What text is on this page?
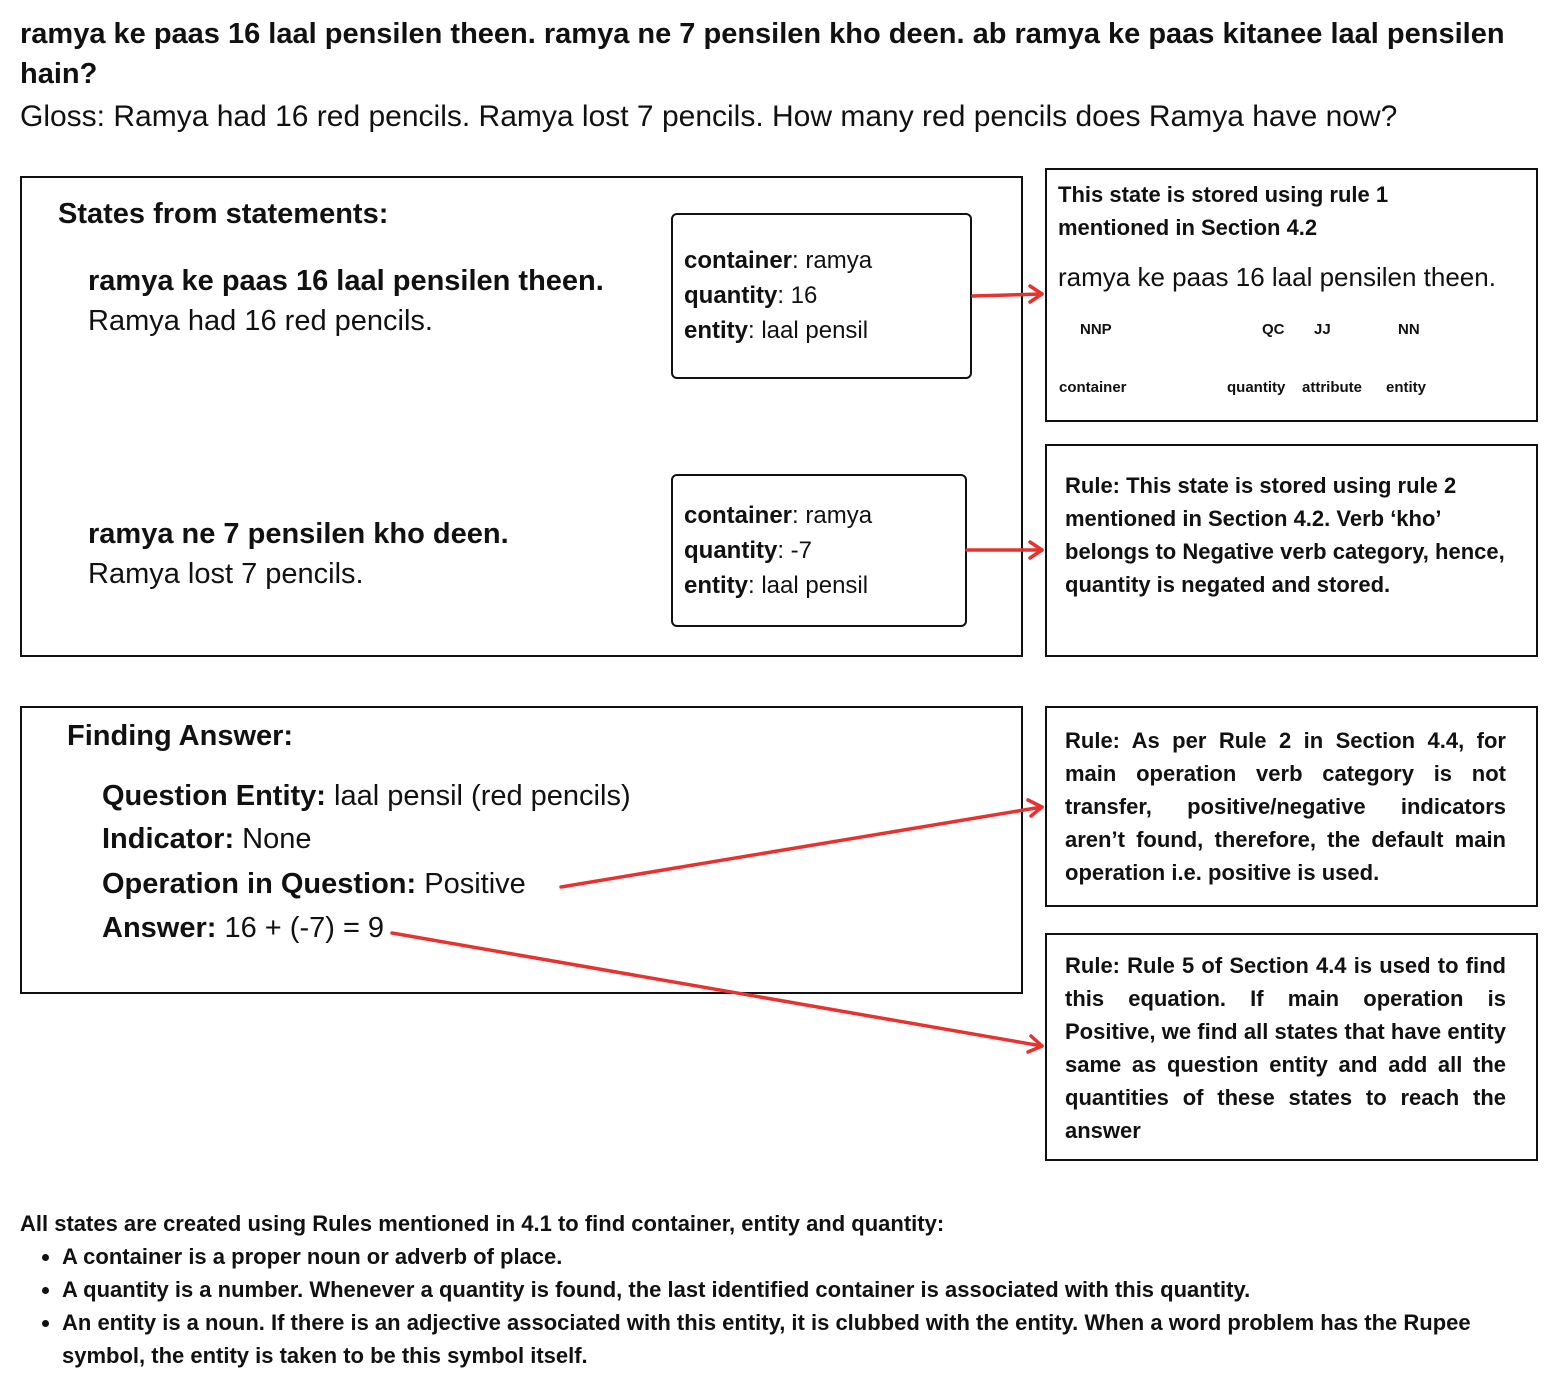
ramya ke paas 16 laal pensilen theen. ramya ne 7 pensilen kho deen. ab ramya ke paas kitanee laal pensilen hain?
Gloss: Ramya had 16 red pencils. Ramya lost 7 pencils. How many red pencils does Ramya have now?
States from statements:
ramya ke paas 16 laal pensilen theen.
Ramya had 16 red pencils.
container: ramya
quantity: 16
entity: laal pensil
ramya ne 7 pensilen kho deen.
Ramya lost 7 pencils.
container: ramya
quantity: -7
entity: laal pensil
This state is stored using rule 1 mentioned in Section 4.2
ramya ke paas 16 laal pensilen theen.
NNP	QC JJ	NN
container	quantity attribute entity
Rule: This state is stored using rule 2 mentioned in Section 4.2. Verb ‘kho’ belongs to Negative verb category, hence, quantity is negated and stored.
Finding Answer:
Question Entity: laal pensil (red pencils)
Indicator: None
Operation in Question: Positive
Answer: 16 + (-7) = 9
Rule: As per Rule 2 in Section 4.4, for main operation verb category is not transfer, positive/negative indicators aren’t found, therefore, the default main operation i.e. positive is used.
Rule: Rule 5 of Section 4.4 is used to find this equation. If main operation is Positive, we find all states that have entity same as question entity and add all the quantities of these states to reach the answer
All states are created using Rules mentioned in 4.1 to find container, entity and quantity:
• A container is a proper noun or adverb of place.
• A quantity is a number. Whenever a quantity is found, the last identified container is associated with this quantity.
• An entity is a noun. If there is an adjective associated with this entity, it is clubbed with the entity. When a word problem has the Rupee symbol, the entity is taken to be this symbol itself.
